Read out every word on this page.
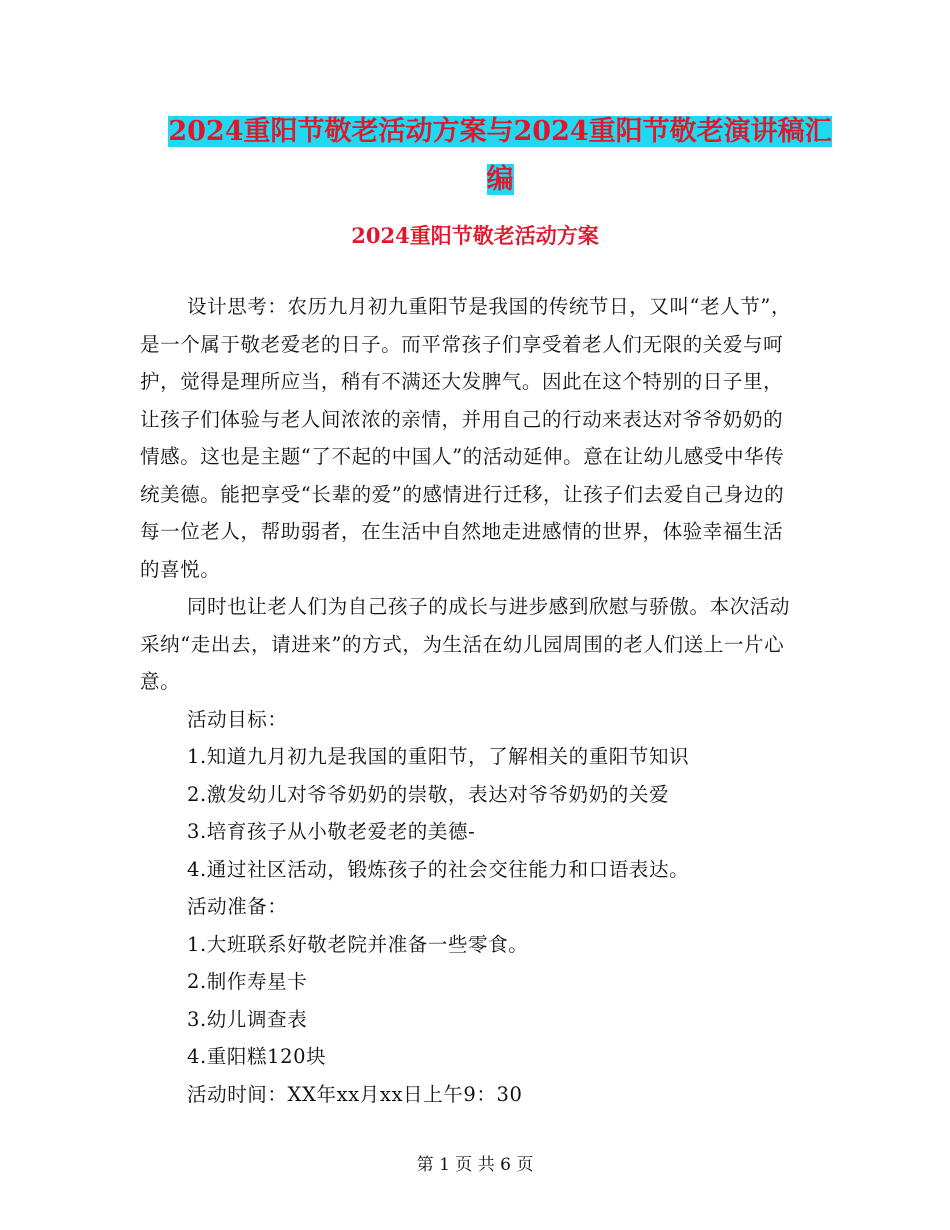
2024重阳节敬老活动方案与2024重阳节敬老演讲稿汇
编
2024重阳节敬老活动方案

设计思考：农历九月初九重阳节是我国的传统节日，又叫“老人节”，是一个属于敬老爱老的日子。而平常孩子们享受着老人们无限的关爱与呵护，觉得是理所应当，稍有不满还大发脾气。因此在这个特别的日子里，让孩子们体验与老人间浓浓的亲情，并用自己的行动来表达对爷爷奶奶的情感。这也是主题“了不起的中国人”的活动延伸。意在让幼儿感受中华传统美德。能把享受“长辈的爱”的感情进行迁移，让孩子们去爱自己身边的每一位老人，帮助弱者，在生活中自然地走进感情的世界，体验幸福生活的喜悦。

同时也让老人们为自己孩子的成长与进步感到欣慰与骄傲。本次活动采纳“走出去，请进来”的方式，为生活在幼儿园周围的老人们送上一片心意。

活动目标：

1.知道九月初九是我国的重阳节，了解相关的重阳节知识

2.激发幼儿对爷爷奶奶的崇敬，表达对爷爷奶奶的关爱

3.培育孩子从小敬老爱老的美德-

4.通过社区活动，锻炼孩子的社会交往能力和口语表达。

活动准备：

1.大班联系好敬老院并准备一些零食。

2.制作寿星卡

3.幼儿调查表

4.重阳糕120块

活动时间：XX年xx月xx日上午9：30

第 1 页 共 6 页
